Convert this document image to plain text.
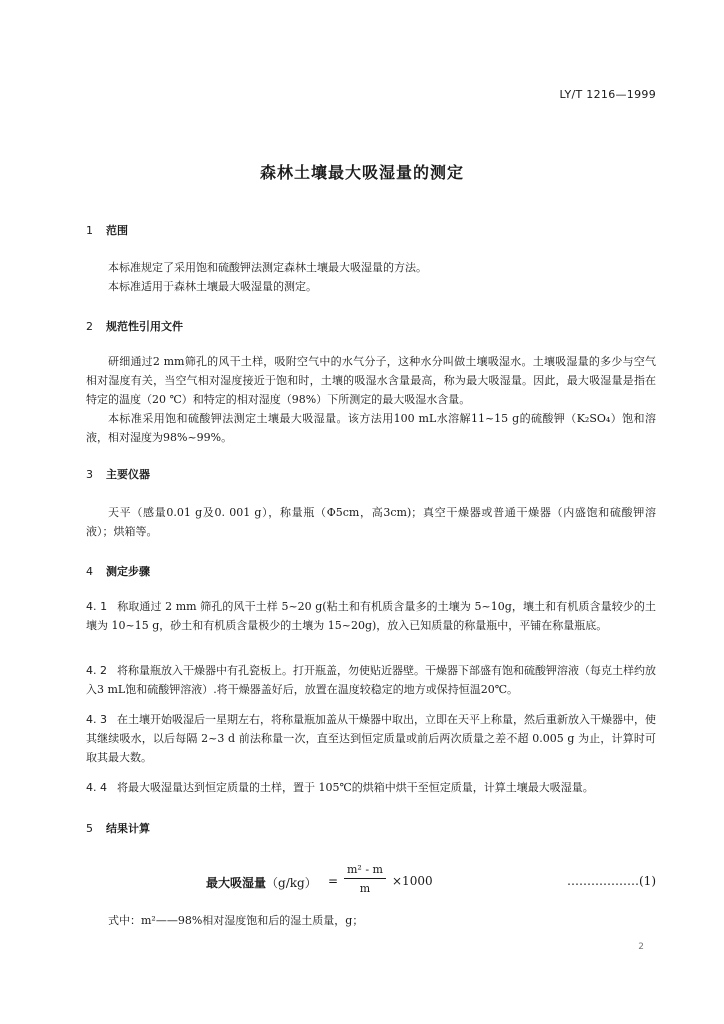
LY/T 1216—1999
森林土壤最大吸湿量的测定
1 范围
本标准规定了采用饱和硫酸钾法测定森林土壤最大吸湿量的方法。
本标准适用于森林土壤最大吸湿量的测定。
2 规范性引用文件
研细通过2 mm筛孔的风干土样，吸附空气中的水气分子，这种水分叫做土壤吸湿水。土壤吸湿量的多少与空气相对湿度有关，当空气相对湿度接近于饱和时，土壤的吸湿水含量最高，称为最大吸湿量。因此，最大吸湿量是指在特定的温度（20 ℃）和特定的相对湿度（98%）下所测定的最大吸湿水含量。
本标准采用饱和硫酸钾法测定土壤最大吸湿量。该方法用100 mL水溶解11~15 g的硫酸钾（K₂SO₄）饱和溶液，相对湿度为98%~99%。
3 主要仪器
天平（感量0.01 g及0. 001 g），称量瓶（Φ5cm，高3cm)；真空干燥器或普通干燥器（内盛饱和硫酸钾溶液）；烘箱等。
4 测定步骤
4. 1 称取通过 2 mm 筛孔的风干土样 5~20 g(粘土和有机质含量多的土壤为 5~10g，壤土和有机质含量较少的土壤为 10~15 g，砂土和有机质含量极少的土壤为 15~20g)，放入已知质量的称量瓶中，平铺在称量瓶底。
4. 2 将称量瓶放入干燥器中有孔瓷板上。打开瓶盖，勿使贴近器壁。干燥器下部盛有饱和硫酸钾溶液（每克土样约放入3 mL饱和硫酸钾溶液）.将干燥器盖好后，放置在温度较稳定的地方或保持恒温20℃。
4. 3 在土壤开始吸湿后一星期左右，将称量瓶加盖从干燥器中取出，立即在天平上称量，然后重新放入干燥器中，使其继续吸水，以后每隔 2~3 d 前法称量一次，直至达到恒定质量或前后两次质量之差不超 0.005 g 为止，计算时可取其最大数。
4. 4 将最大吸湿量达到恒定质量的土样，置于 105℃的烘箱中烘干至恒定质量，计算土壤最大吸湿量。
5 结果计算
最大吸湿量（g/kg） =
m² - m
m
×1000	………………(1)
式中：m²——98%相对湿度饱和后的湿土质量，g；
2
